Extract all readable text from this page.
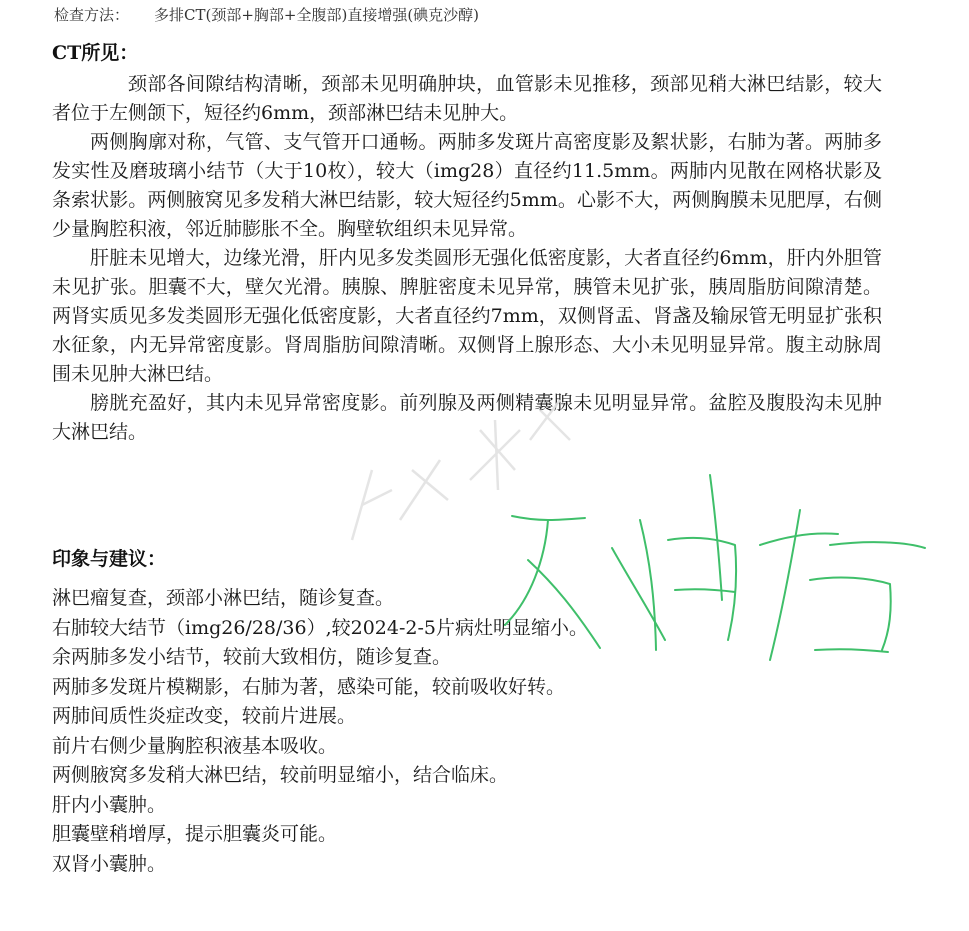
检查方法： 多排CT(颈部+胸部+全腹部)直接增强(碘克沙醇)
CT所见：

颈部各间隙结构清晰，颈部未见明确肿块，血管影未见推移，颈部见稍大淋巴结影，较大者位于左侧颌下，短径约6mm，颈部淋巴结未见肿大。

两侧胸廓对称，气管、支气管开口通畅。两肺多发斑片高密度影及絮状影，右肺为著。两肺多发实性及磨玻璃小结节（大于10枚），较大（img28）直径约11.5mm。两肺内见散在网格状影及条索状影。两侧腋窝见多发稍大淋巴结影，较大短径约5mm。心影不大，两侧胸膜未见肥厚，右侧少量胸腔积液，邻近肺膨胀不全。胸壁软组织未见异常。

肝脏未见增大，边缘光滑，肝内见多发类圆形无强化低密度影，大者直径约6mm，肝内外胆管未见扩张。胆囊不大，壁欠光滑。胰腺、脾脏密度未见异常，胰管未见扩张，胰周脂肪间隙清楚。两肾实质见多发类圆形无强化低密度影，大者直径约7mm，双侧肾盂、肾盏及输尿管无明显扩张积水征象，内无异常密度影。肾周脂肪间隙清晰。双侧肾上腺形态、大小未见明显异常。腹主动脉周围未见肿大淋巴结。

膀胱充盈好，其内未见异常密度影。前列腺及两侧精囊腺未见明显异常。盆腔及腹股沟未见肿大淋巴结。

印象与建议：
淋巴瘤复查，颈部小淋巴结，随诊复查。
右肺较大结节（img26/28/36）,较2024-2-5片病灶明显缩小。
余两肺多发小结节，较前大致相仿，随诊复查。
两肺多发斑片模糊影，右肺为著，感染可能，较前吸收好转。
两肺间质性炎症改变，较前片进展。
前片右侧少量胸腔积液基本吸收。
两侧腋窝多发稍大淋巴结，较前明显缩小，结合临床。
肝内小囊肿。
胆囊壁稍增厚，提示胆囊炎可能。
双肾小囊肿。
